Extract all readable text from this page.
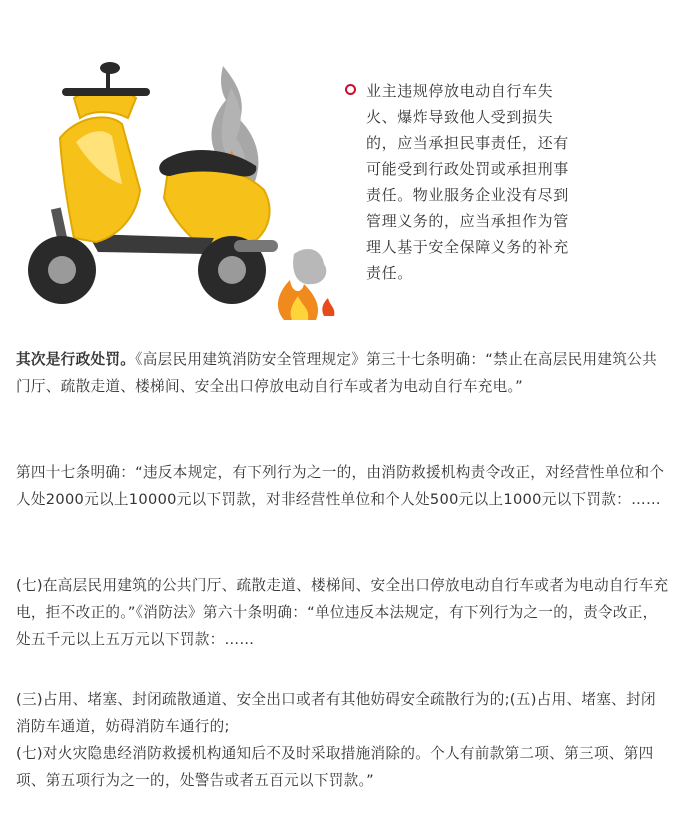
业主违规停放电动自行车失火、爆炸导致他人受到损失的，应当承担民事责任，还有可能受到行政处罚或承担刑事责任。物业服务企业没有尽到管理义务的，应当承担作为管理人基于安全保障义务的补充责任。

其次是行政处罚。《高层民用建筑消防安全管理规定》第三十七条明确：“禁止在高层民用建筑公共门厅、疏散走道、楼梯间、安全出口停放电动自行车或者为电动自行车充电。”

第四十七条明确：“违反本规定，有下列行为之一的，由消防救援机构责令改正，对经营性单位和个人处2000元以上10000元以下罚款，对非经营性单位和个人处500元以上1000元以下罚款：……

(七)在高层民用建筑的公共门厅、疏散走道、楼梯间、安全出口停放电动自行车或者为电动自行车充电，拒不改正的。”《消防法》第六十条明确：“单位违反本法规定，有下列行为之一的，责令改正，处五千元以上五万元以下罚款：……

(三)占用、堵塞、封闭疏散通道、安全出口或者有其他妨碍安全疏散行为的;(五)占用、堵塞、封闭消防车通道，妨碍消防车通行的;
(七)对火灾隐患经消防救援机构通知后不及时采取措施消除的。个人有前款第二项、第三项、第四项、第五项行为之一的，处警告或者五百元以下罚款。”
